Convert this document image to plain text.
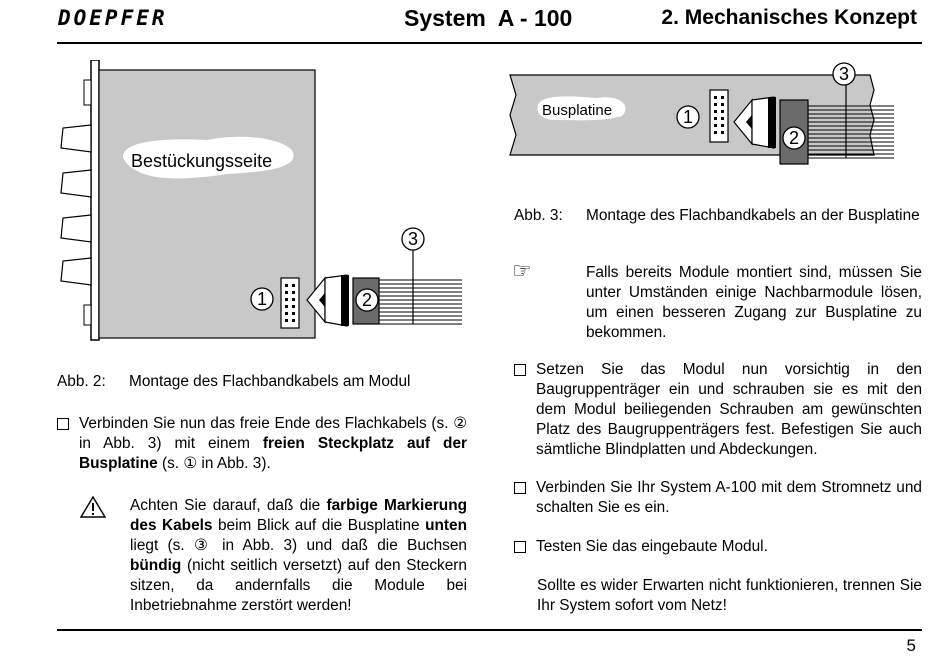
DOEPFER	System  A - 100	2. Mechanisches Konzept
1	2
3
Bestückungsseite
1
2
3
Busplatine
Abb. 2:	Montage des Flachbandkabels am Modul
Verbinden Sie nun das freie Ende des Flachkabels (s. ② in Abb. 3) mit einem freien Steckplatz auf der Busplatine (s. ① in Abb. 3).
Achten Sie darauf, daß die farbige Markierung des Kabels beim Blick auf die Busplatine unten liegt (s. ③ in Abb. 3) und daß die Buchsen bündig (nicht seitlich versetzt) auf den Steckern sitzen, da andernfalls die Module bei Inbetriebnahme zerstört werden!
Abb. 3:	Montage des Flachbandkabels an der Busplatine
☞	Falls bereits Module montiert sind, müssen Sie unter Umständen einige Nachbarmodule lösen, um einen besseren Zugang zur Busplatine zu bekommen.
Setzen Sie das Modul nun vorsichtig in den Baugruppenträger ein und schrauben sie es mit den dem Modul beiliegenden Schrauben am gewünschten Platz des Baugruppenträgers fest. Befestigen Sie auch sämtliche Blindplatten und Abdeckungen.
Verbinden Sie Ihr System A-100 mit dem Stromnetz und schalten Sie es ein.
Testen Sie das eingebaute Modul.
Sollte es wider Erwarten nicht funktionieren, trennen Sie Ihr System sofort vom Netz!
5
